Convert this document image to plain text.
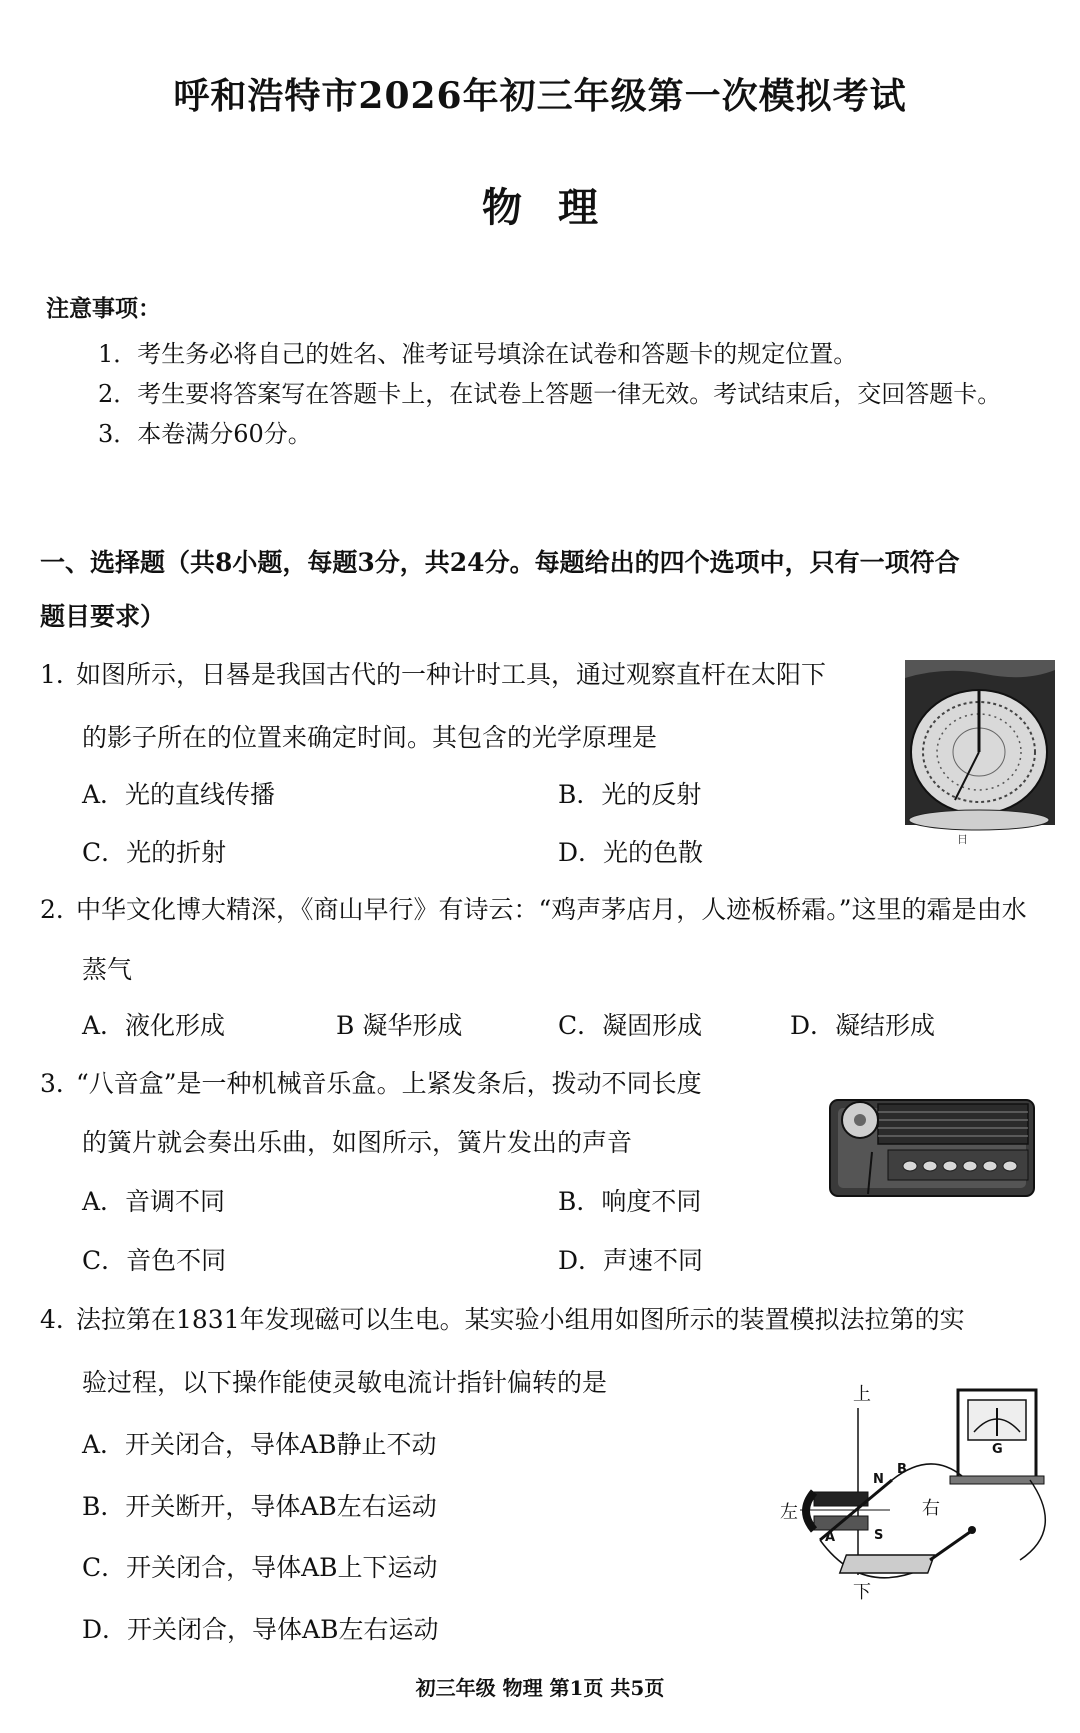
呼和浩特市2026年初三年级第一次模拟考试
物理
注意事项：
1．考生务必将自己的姓名、准考证号填涂在试卷和答题卡的规定位置。
2．考生要将答案写在答题卡上，在试卷上答题一律无效。考试结束后，交回答题卡。
3．本卷满分60分。
一、选择题（共8小题，每题3分，共24分。每题给出的四个选项中，只有一项符合
题目要求）
1．如图所示，日晷是我国古代的一种计时工具，通过观察直杆在太阳下
的影子所在的位置来确定时间。其包含的光学原理是
A．光的直线传播	B．光的反射
C．光的折射	D．光的色散	日
2．中华文化博大精深，《商山早行》有诗云：“鸡声茅店月，人迹板桥霜。”这里的霜是由水
蒸气
A．液化形成	B 凝华形成	C．凝固形成	D．凝结形成
3．“八音盒”是一种机械音乐盒。上紧发条后，拨动不同长度
的簧片就会奏出乐曲，如图所示，簧片发出的声音
A．音调不同	B．响度不同
C．音色不同	D．声速不同
4．法拉第在1831年发现磁可以生电。某实验小组用如图所示的装置模拟法拉第的实
验过程，以下操作能使灵敏电流计指针偏转的是
A．开关闭合，导体AB静止不动
B．开关断开，导体AB左右运动
C．开关闭合，导体AB上下运动
D．开关闭合，导体AB左右运动
上
下
左	右
N
S
A
B
G
初三年级 物理 第1页 共5页
